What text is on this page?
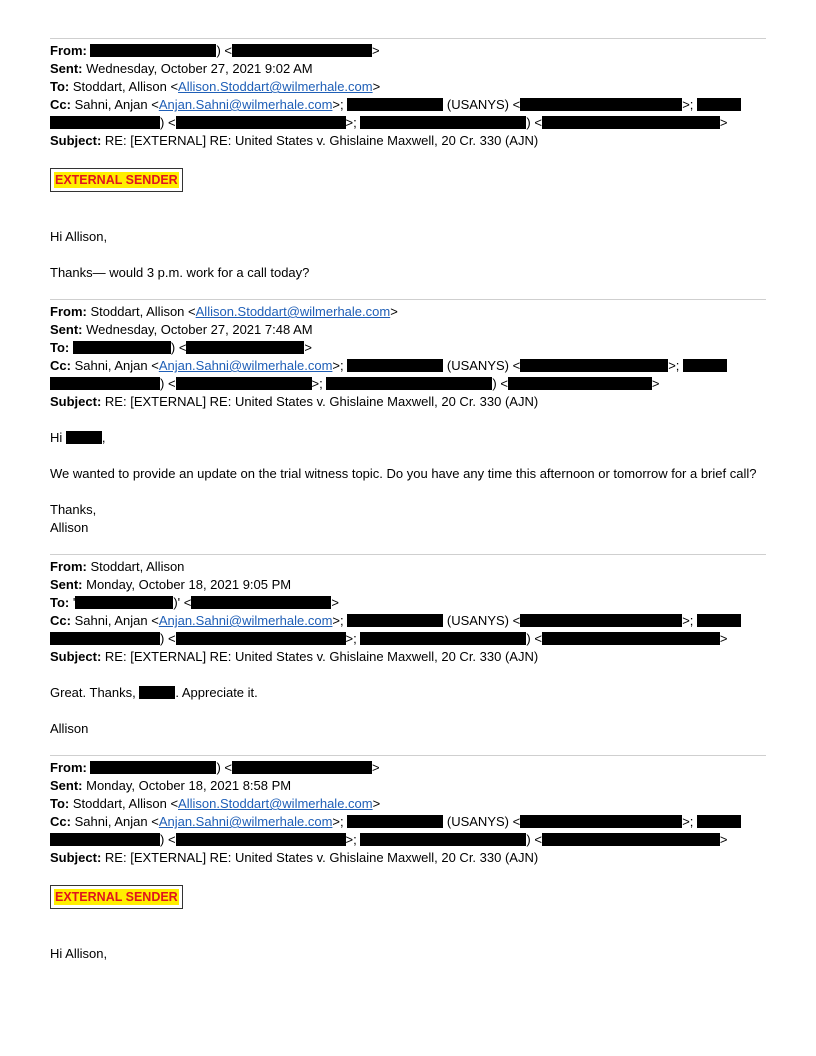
From:	) <	>
Sent: Wednesday, October 27, 2021 9:02 AM
To: Stoddart, Allison <Allison.Stoddart@wilmerhale.com>
Cc: Sahni, Anjan <Anjan.Sahni@wilmerhale.com>;	(USANYS) <	>;
) <	>;	) <	>
Subject: RE: [EXTERNAL] RE: United States v. Ghislaine Maxwell, 20 Cr. 330 (AJN)
EXTERNAL SENDER
Hi Allison,
Thanks— would 3 p.m. work for a call today?
From: Stoddart, Allison <Allison.Stoddart@wilmerhale.com>
Sent: Wednesday, October 27, 2021 7:48 AM
To:	) <	>
Cc: Sahni, Anjan <Anjan.Sahni@wilmerhale.com>;	(USANYS) <	>;
) <	>;	) <	>
Subject: RE: [EXTERNAL] RE: United States v. Ghislaine Maxwell, 20 Cr. 330 (AJN)
Hi	,
We wanted to provide an update on the trial witness topic. Do you have any time this afternoon or tomorrow for a brief call?
Thanks,
Allison
From: Stoddart, Allison
Sent: Monday, October 18, 2021 9:05 PM
To: '	)' <	>
Cc: Sahni, Anjan <Anjan.Sahni@wilmerhale.com>;	(USANYS) <	>;
) <	>;	) <	>
Subject: RE: [EXTERNAL] RE: United States v. Ghislaine Maxwell, 20 Cr. 330 (AJN)
Great. Thanks,	. Appreciate it.
Allison
From:	) <	>
Sent: Monday, October 18, 2021 8:58 PM
To: Stoddart, Allison <Allison.Stoddart@wilmerhale.com>
Cc: Sahni, Anjan <Anjan.Sahni@wilmerhale.com>;	(USANYS) <	>;
) <	>;	) <	>
Subject: RE: [EXTERNAL] RE: United States v. Ghislaine Maxwell, 20 Cr. 330 (AJN)
EXTERNAL SENDER
Hi Allison,
